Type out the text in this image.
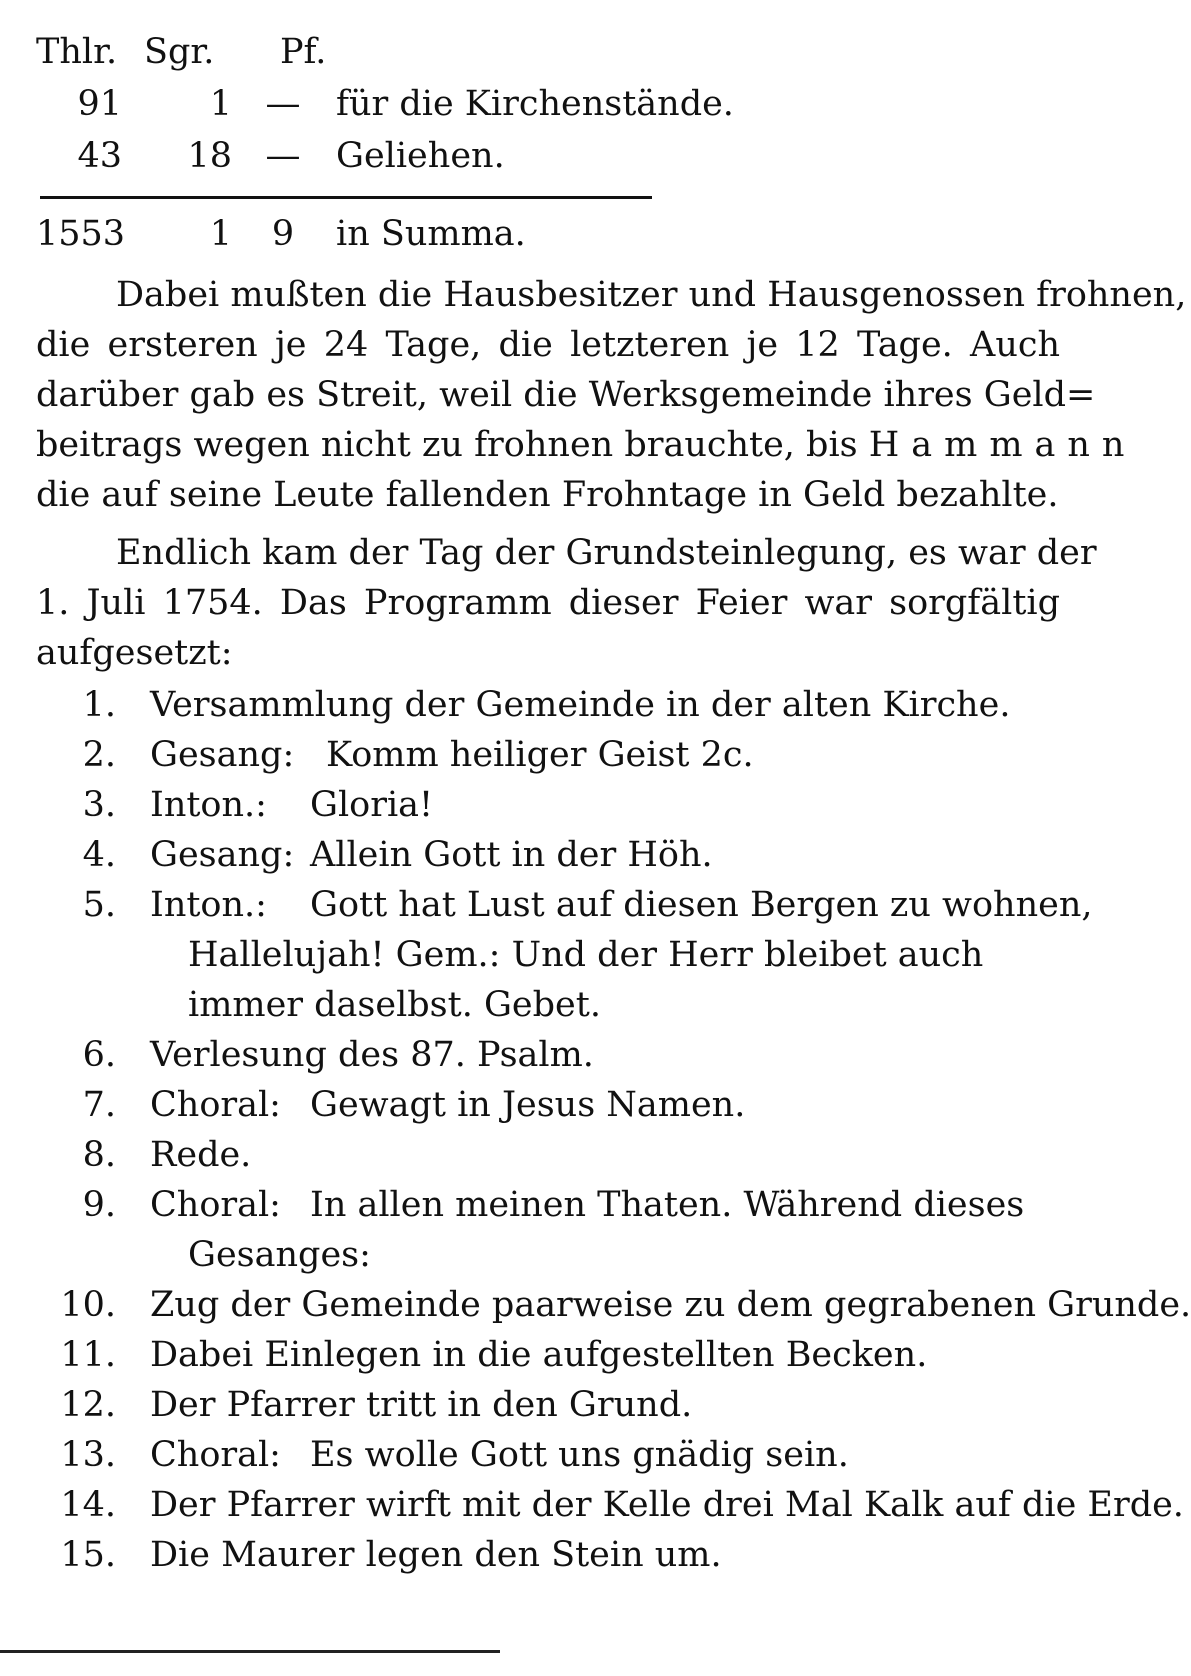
Thlr. Sgr.	Pf.
91	1 — für die Kirchenstände.
43	18 — Geliehen.
1553	1	9	in Summa.
Dabei mußten die Hausbesitzer und Hausgenossen frohnen,
die ersteren je 24 Tage, die letzteren je 12 Tage. Auch
darüber gab es Streit, weil die Werksgemeinde ihres Geld=
beitrags wegen nicht zu frohnen brauchte, bis Hammann
die auf seine Leute fallenden Frohntage in Geld bezahlte.
Endlich kam der Tag der Grundsteinlegung, es war der
1. Juli 1754. Das Programm dieser Feier war sorgfältig
aufgesetzt:
1. Versammlung der Gemeinde in der alten Kirche.
2. Gesang: Komm heiliger Geist 2c.
3. Inton.: Gloria!
4. Gesang: Allein Gott in der Höh.
5. Inton.: Gott hat Lust auf diesen Bergen zu wohnen,
Hallelujah! Gem.: Und der Herr bleibet auch
immer daselbst. Gebet.
6. Verlesung des 87. Psalm.
7. Choral: Gewagt in Jesus Namen.
8. Rede.
9. Choral: In allen meinen Thaten. Während dieses
Gesanges:
10. Zug der Gemeinde paarweise zu dem gegrabenen Grunde.
11. Dabei Einlegen in die aufgestellten Becken.
12. Der Pfarrer tritt in den Grund.
13. Choral: Es wolle Gott uns gnädig sein.
14. Der Pfarrer wirft mit der Kelle drei Mal Kalk auf die Erde.
15. Die Maurer legen den Stein um.
